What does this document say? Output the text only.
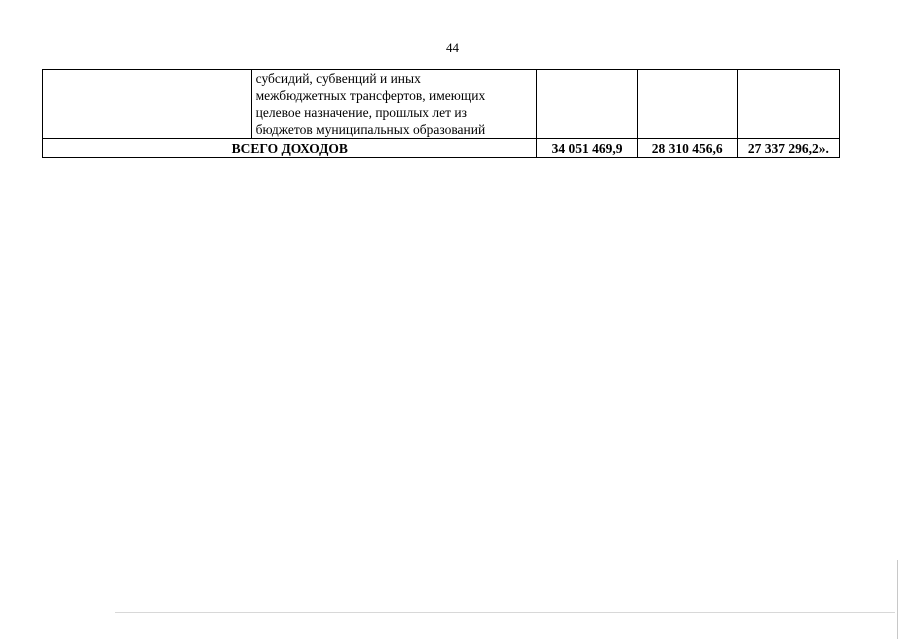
44

	субсидий, субвенций и иных
межбюджетных трансфертов, имеющих
целевое назначение, прошлых лет из
бюджетов муниципальных образований			

ВСЕГО ДОХОДОВ		34 051 469,9	28 310 456,6	27 337 296,2».
